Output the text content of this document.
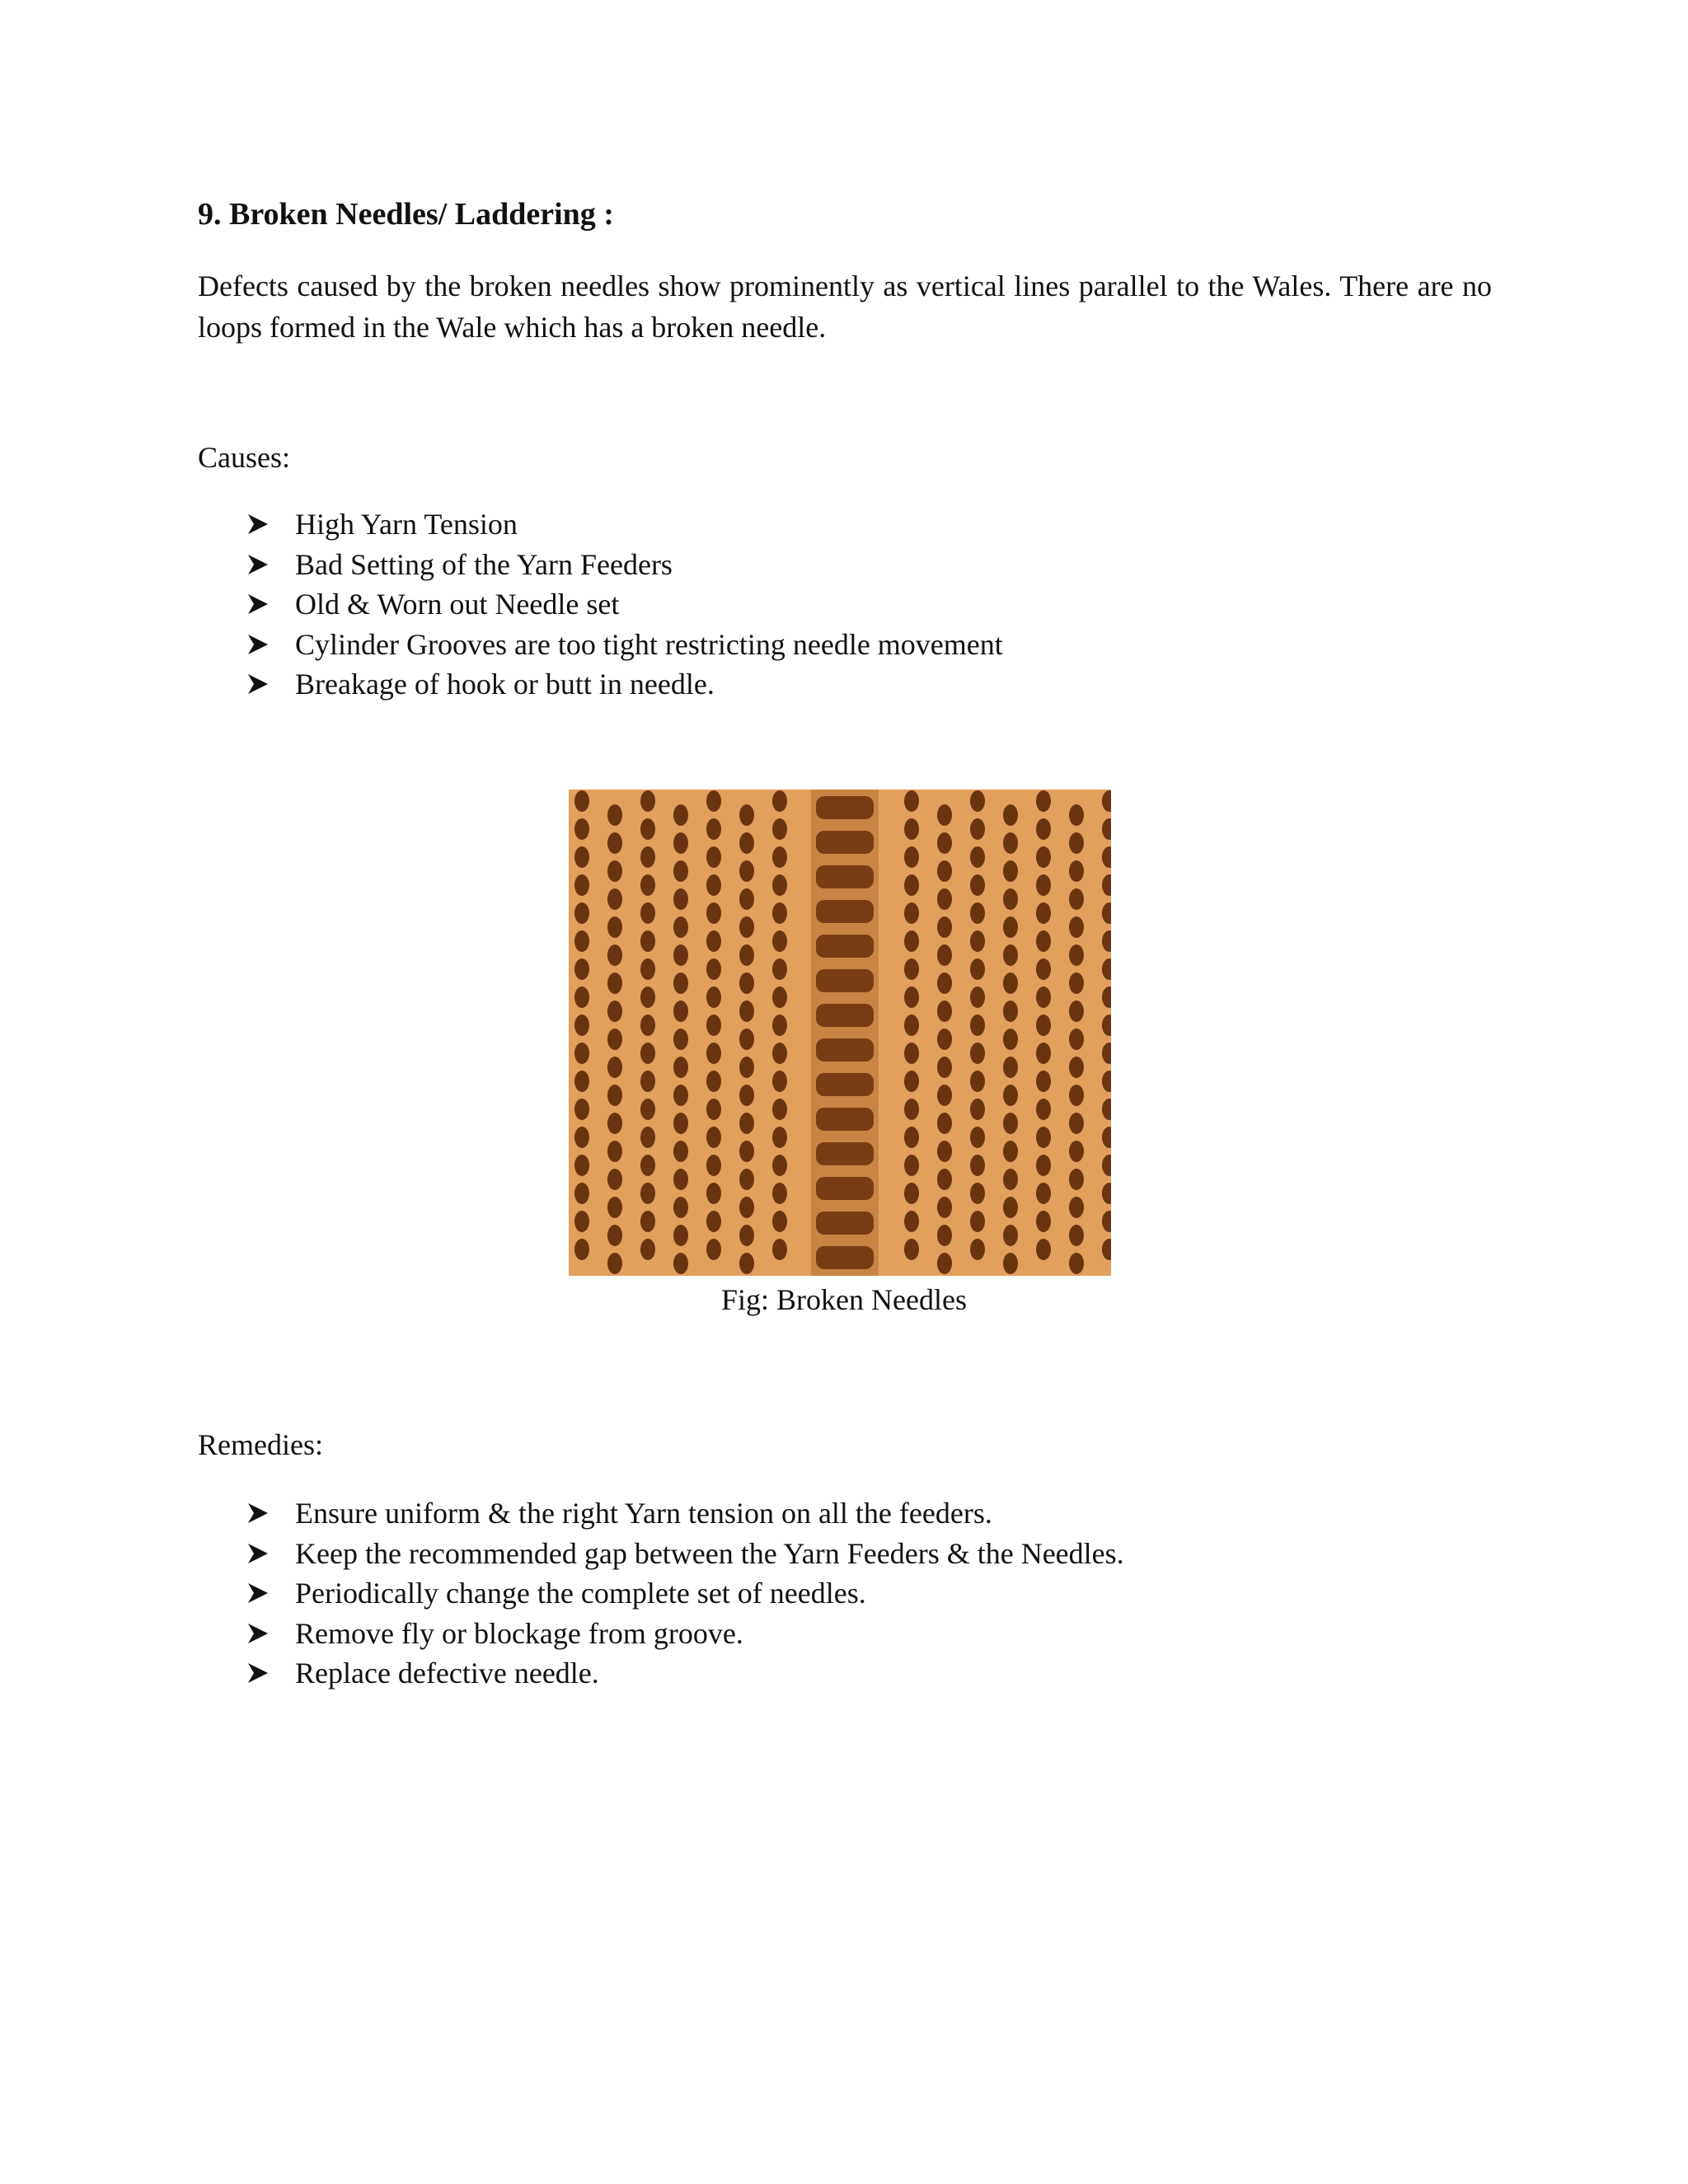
9. Broken Needles/ Laddering :

Defects caused by the broken needles show prominently as vertical lines parallel to the Wales. There are no loops formed in the Wale which has a broken needle.

Causes:

High Yarn Tension
Bad Setting of the Yarn Feeders
Old & Worn out Needle set
Cylinder Grooves are too tight restricting needle movement
Breakage of hook or butt in needle.

Fig: Broken Needles

Remedies:

Ensure uniform & the right Yarn tension on all the feeders.
Keep the recommended gap between the Yarn Feeders & the Needles.
Periodically change the complete set of needles.
Remove fly or blockage from groove.
Replace defective needle.
